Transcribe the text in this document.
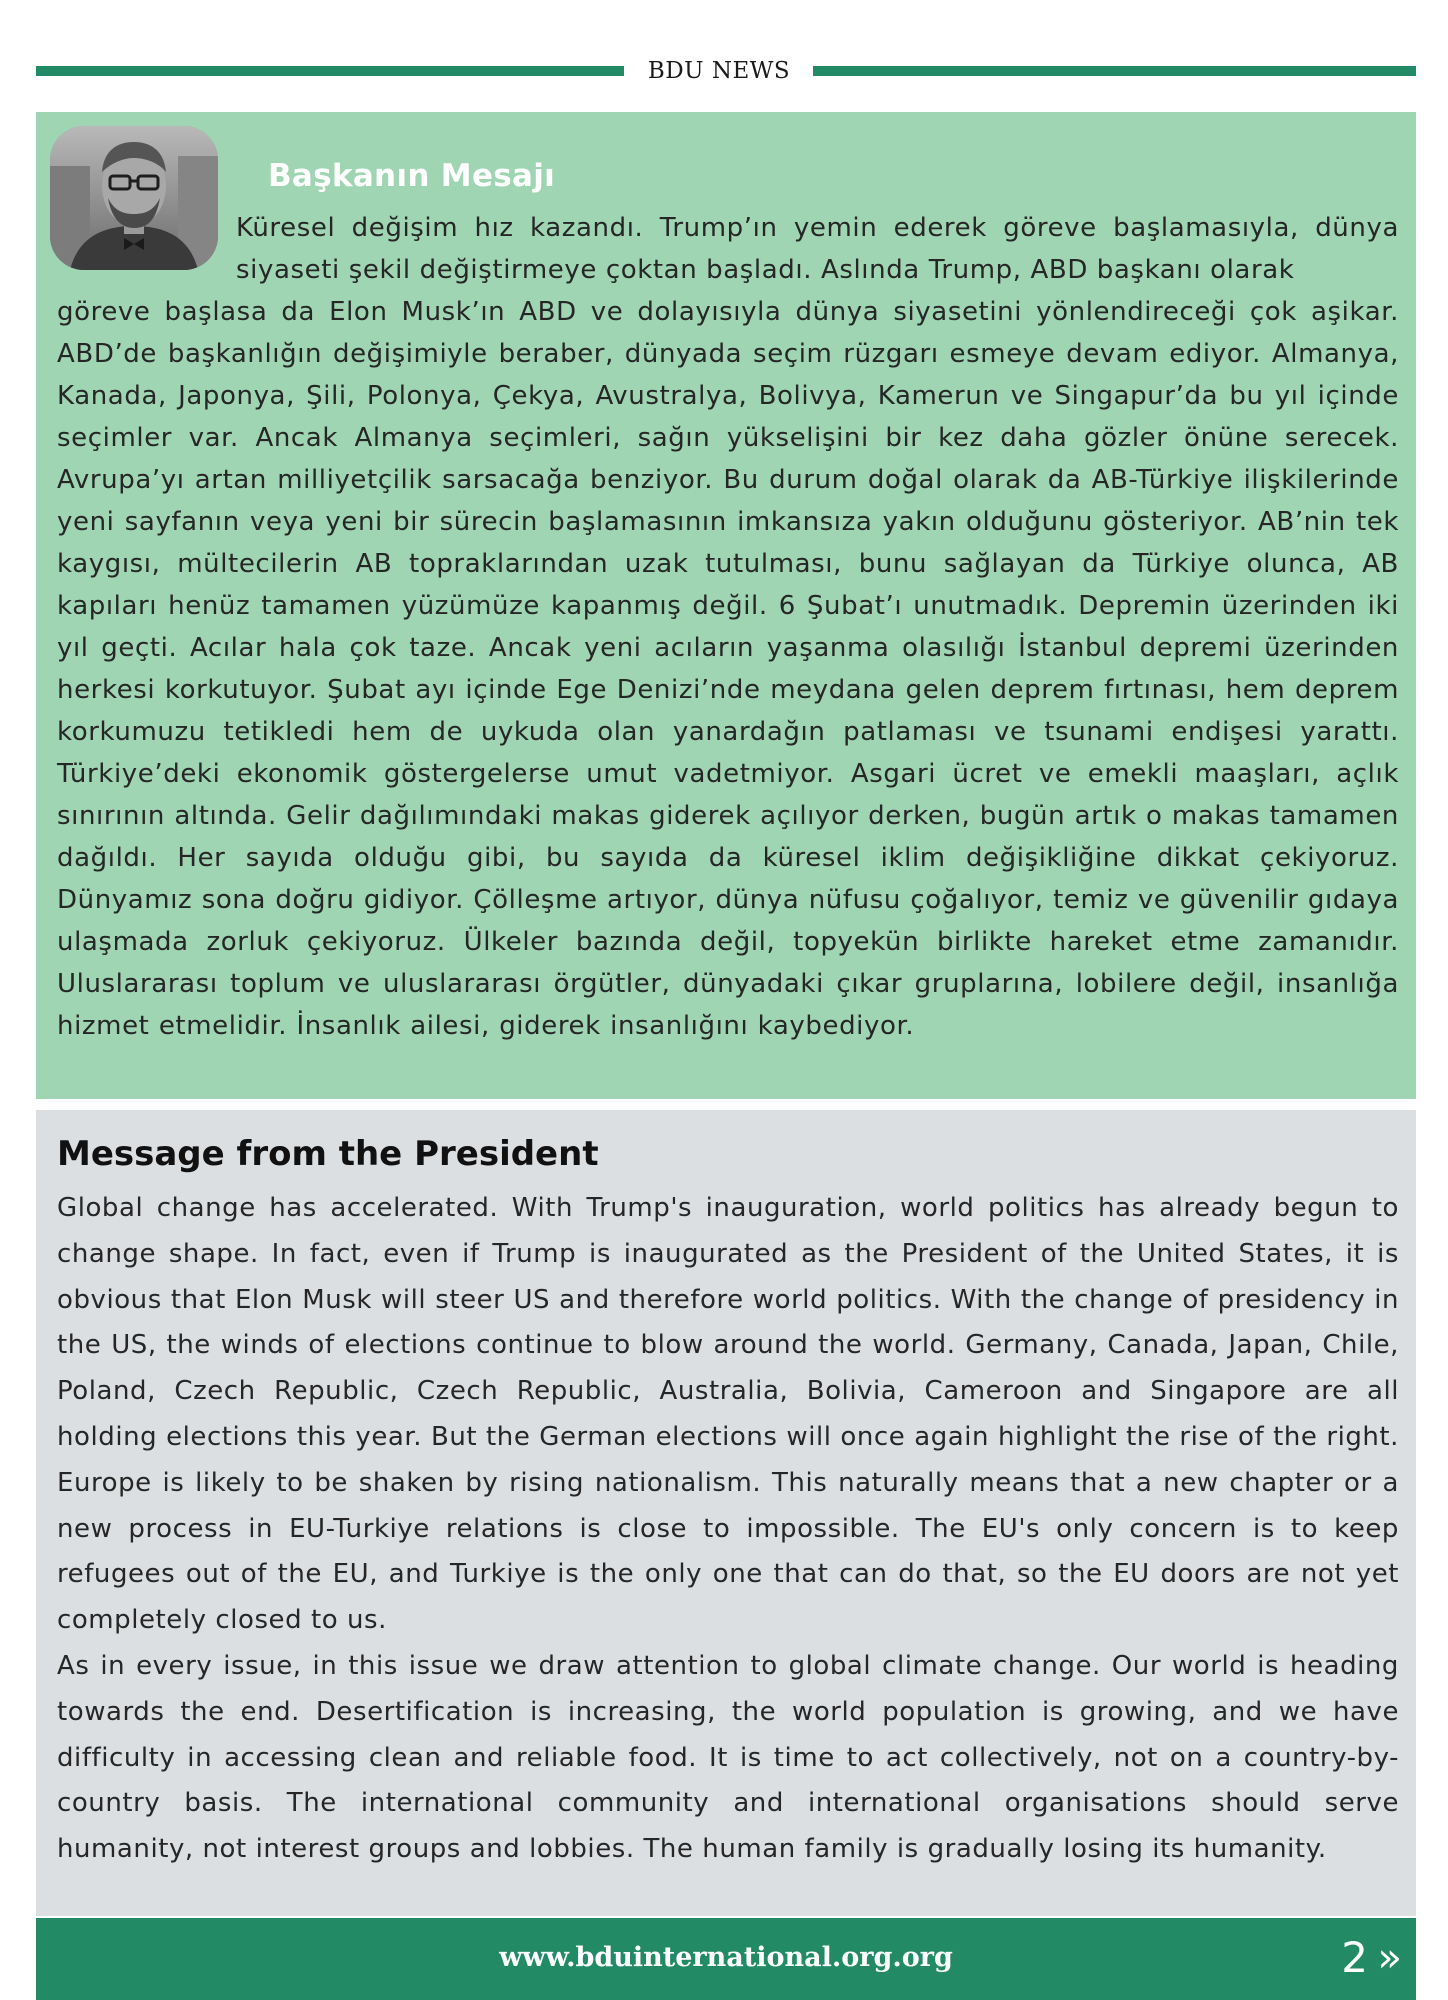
BDU NEWS
Başkanın Mesajı
Küresel değişim hız kazandı. Trump’ın yemin ederek göreve başlamasıyla, dünya siyaseti şekil değiştirmeye çoktan başladı. Aslında Trump, ABD başkanı olarak
göreve başlasa da Elon Musk’ın ABD ve dolayısıyla dünya siyasetini yönlendireceği çok aşikar. ABD’de başkanlığın değişimiyle beraber, dünyada seçim rüzgarı esmeye devam ediyor. Almanya, Kanada, Japonya, Şili, Polonya, Çekya, Avustralya, Bolivya, Kamerun ve Singapur’da bu yıl içinde seçimler var. Ancak Almanya seçimleri, sağın yükselişini bir kez daha gözler önüne serecek. Avrupa’yı artan milliyetçilik sarsacağa benziyor. Bu durum doğal olarak da AB-Türkiye ilişkilerinde yeni sayfanın veya yeni bir sürecin başlamasının imkansıza yakın olduğunu gösteriyor. AB’nin tek kaygısı, mültecilerin AB topraklarından uzak tutulması, bunu sağlayan da Türkiye olunca, AB kapıları henüz tamamen yüzümüze kapanmış değil. 6 Şubat’ı unutmadık. Depremin üzerinden iki yıl geçti. Acılar hala çok taze. Ancak yeni acıların yaşanma olasılığı İstanbul depremi üzerinden herkesi korkutuyor. Şubat ayı içinde Ege Denizi’nde meydana gelen deprem fırtınası, hem deprem korkumuzu tetikledi hem de uykuda olan yanardağın patlaması ve tsunami endişesi yarattı. Türkiye’deki ekonomik göstergelerse umut vadetmiyor. Asgari ücret ve emekli maaşları, açlık sınırının altında. Gelir dağılımındaki makas giderek açılıyor derken, bugün artık o makas tamamen dağıldı. Her sayıda olduğu gibi, bu sayıda da küresel iklim değişikliğine dikkat çekiyoruz. Dünyamız sona doğru gidiyor. Çölleşme artıyor, dünya nüfusu çoğalıyor, temiz ve güvenilir gıdaya ulaşmada zorluk çekiyoruz. Ülkeler bazında değil, topyekün birlikte hareket etme zamanıdır. Uluslararası toplum ve uluslararası örgütler, dünyadaki çıkar gruplarına, lobilere değil, insanlığa hizmet etmelidir. İnsanlık ailesi, giderek insanlığını kaybediyor.
Message from the President

Global change has accelerated. With Trump's inauguration, world politics has already begun to change shape. In fact, even if Trump is inaugurated as the President of the United States, it is obvious that Elon Musk will steer US and therefore world politics. With the change of presidency in the US, the winds of elections continue to blow around the world. Germany, Canada, Japan, Chile, Poland, Czech Republic, Czech Republic, Australia, Bolivia, Cameroon and Singapore are all holding elections this year. But the German elections will once again highlight the rise of the right. Europe is likely to be shaken by rising nationalism. This naturally means that a new chapter or a new process in EU-Turkiye relations is close to impossible. The EU's only concern is to keep refugees out of the EU, and Turkiye is the only one that can do that, so the EU doors are not yet completely closed to us.

As in every issue, in this issue we draw attention to global climate change. Our world is heading towards the end. Desertification is increasing, the world population is growing, and we have difficulty in accessing clean and reliable food. It is time to act collectively, not on a country-by-country basis. The international community and international organisations should serve humanity, not interest groups and lobbies. The human family is gradually losing its humanity.

www.bduinternational.org.org	2 »
